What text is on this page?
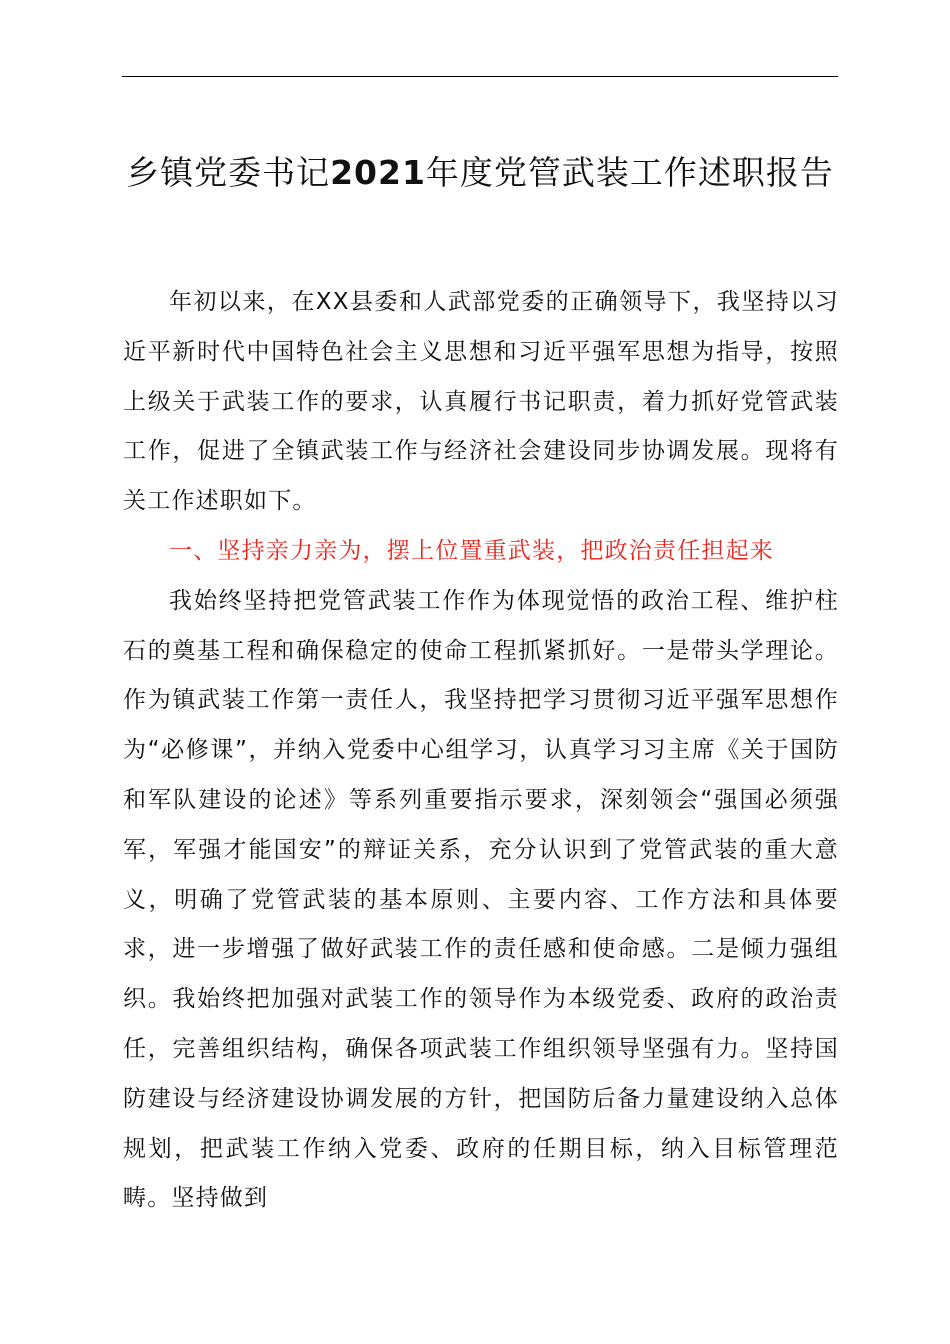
乡镇党委书记2021年度党管武装工作述职报告

年初以来，在XX县委和人武部党委的正确领导下，我坚持以习近平新时代中国特色社会主义思想和习近平强军思想为指导，按照上级关于武装工作的要求，认真履行书记职责，着力抓好党管武装工作，促进了全镇武装工作与经济社会建设同步协调发展。现将有关工作述职如下。

一、坚持亲力亲为，摆上位置重武装，把政治责任担起来

我始终坚持把党管武装工作作为体现觉悟的政治工程、维护柱石的奠基工程和确保稳定的使命工程抓紧抓好。一是带头学理论。作为镇武装工作第一责任人，我坚持把学习贯彻习近平强军思想作为“必修课”，并纳入党委中心组学习，认真学习习主席《关于国防和军队建设的论述》等系列重要指示要求，深刻领会“强国必须强军，军强才能国安”的辩证关系，充分认识到了党管武装的重大意义，明确了党管武装的基本原则、主要内容、工作方法和具体要求，进一步增强了做好武装工作的责任感和使命感。二是倾力强组织。我始终把加强对武装工作的领导作为本级党委、政府的政治责任，完善组织结构，确保各项武装工作组织领导坚强有力。坚持国防建设与经济建设协调发展的方针，把国防后备力量建设纳入总体规划，把武装工作纳入党委、政府的任期目标，纳入目标管理范畴。坚持做到
